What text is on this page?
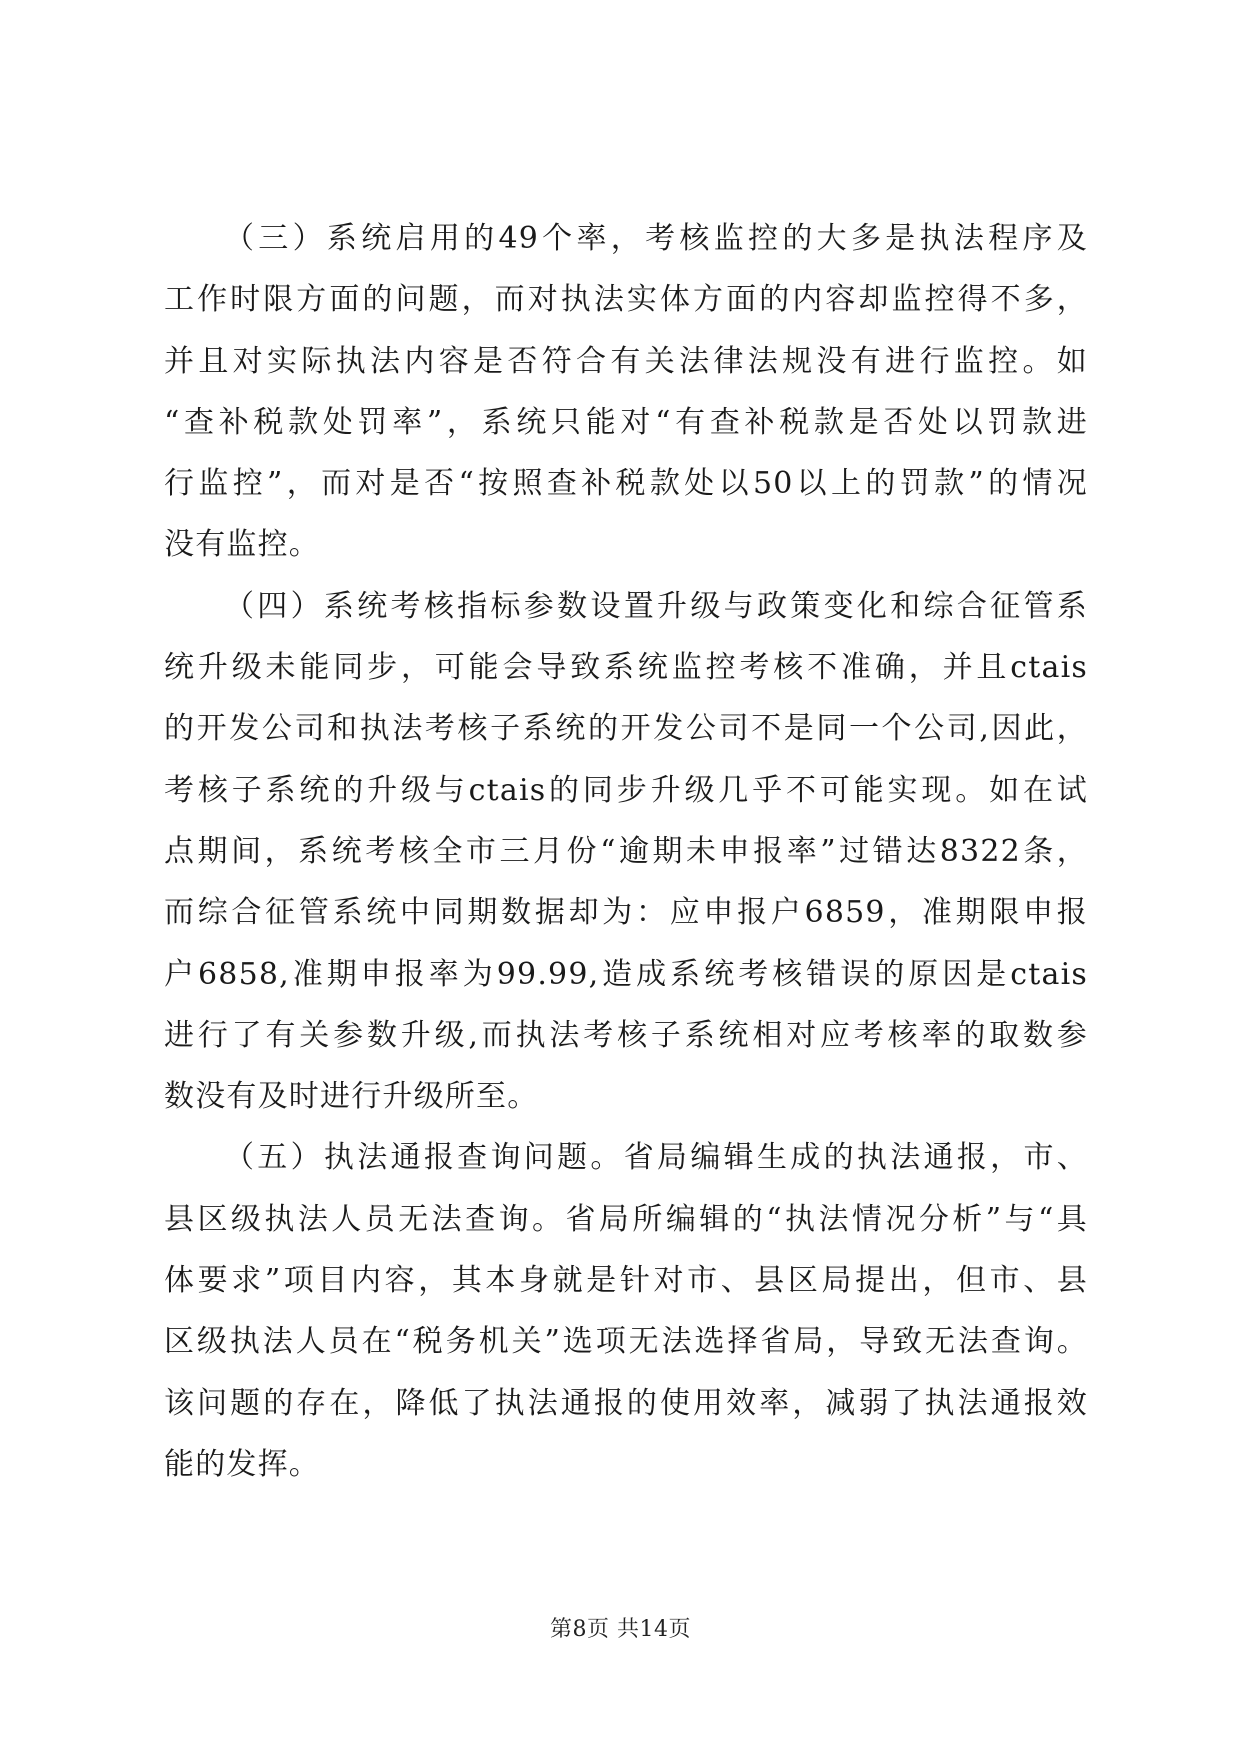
（三）系统启用的49个率，考核监控的大多是执法程序及
工作时限方面的问题，而对执法实体方面的内容却监控得不多，
并且对实际执法内容是否符合有关法律法规没有进行监控。如
“查补税款处罚率”，系统只能对“有查补税款是否处以罚款进
行监控”，而对是否“按照查补税款处以50以上的罚款”的情况
没有监控。
（四）系统考核指标参数设置升级与政策变化和综合征管系
统升级未能同步，可能会导致系统监控考核不准确，并且ctais
的开发公司和执法考核子系统的开发公司不是同一个公司,因此，
考核子系统的升级与ctais的同步升级几乎不可能实现。如在试
点期间，系统考核全市三月份“逾期未申报率”过错达8322条，
而综合征管系统中同期数据却为：应申报户6859，准期限申报
户6858,准期申报率为99.99,造成系统考核错误的原因是ctais
进行了有关参数升级,而执法考核子系统相对应考核率的取数参
数没有及时进行升级所至。
（五）执法通报查询问题。省局编辑生成的执法通报，市、
县区级执法人员无法查询。省局所编辑的“执法情况分析”与“具
体要求”项目内容，其本身就是针对市、县区局提出，但市、县
区级执法人员在“税务机关”选项无法选择省局，导致无法查询。
该问题的存在，降低了执法通报的使用效率，减弱了执法通报效
能的发挥。
第8页 共14页
